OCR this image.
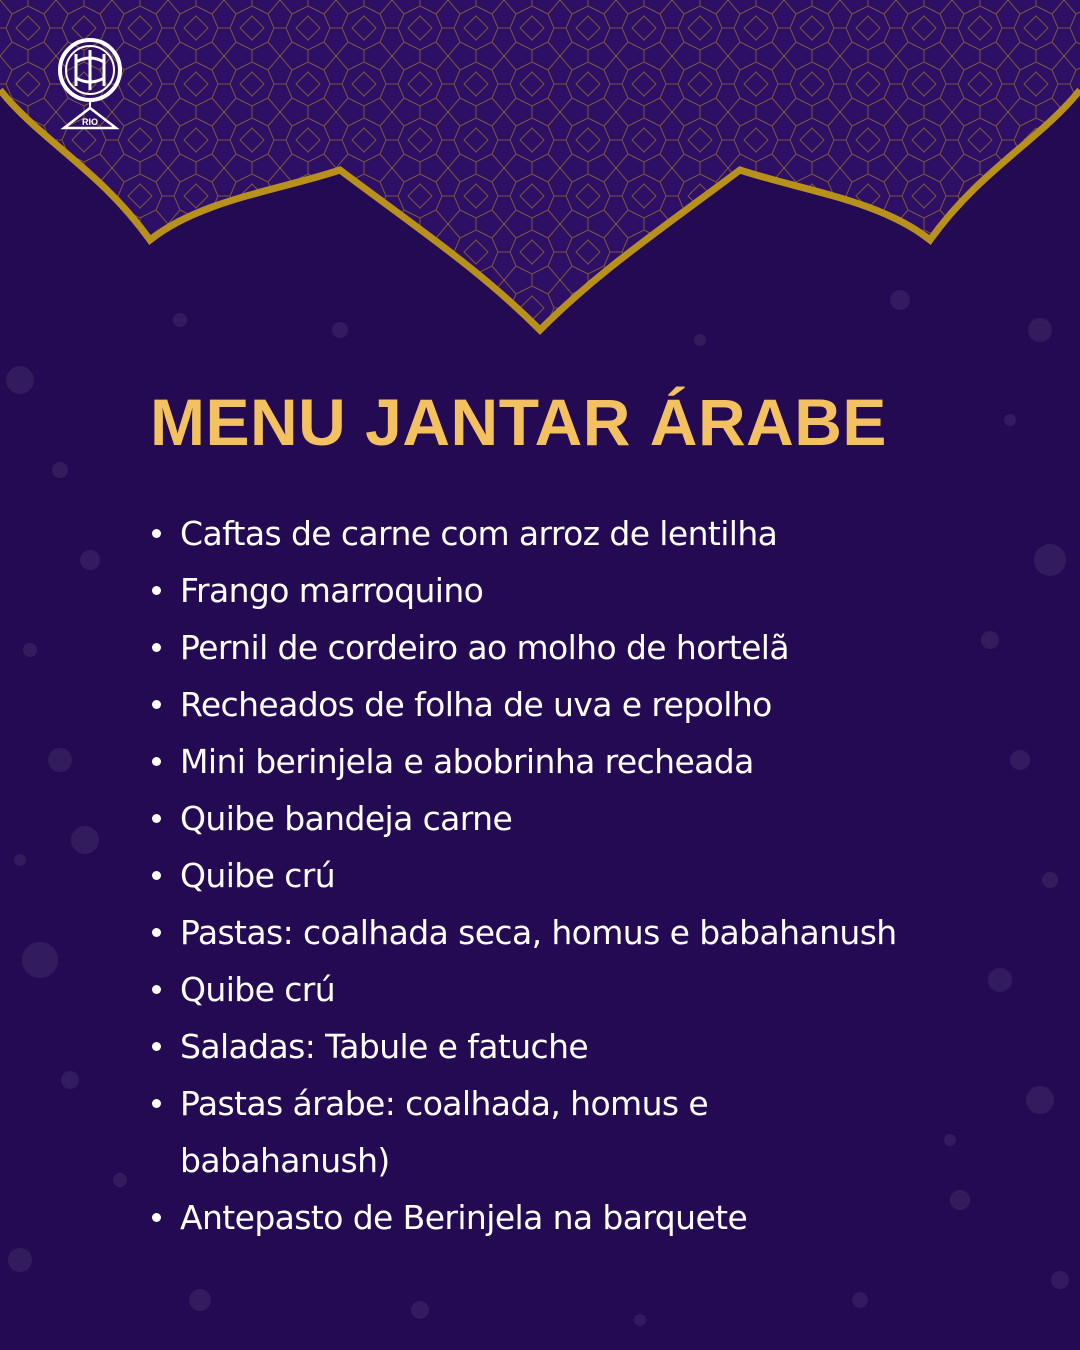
RIO
MENU JANTAR ÁRABE
Caftas de carne com arroz de lentilha
Frango marroquino
Pernil de cordeiro ao molho de hortelã
Recheados de folha de uva e repolho
Mini berinjela e abobrinha recheada
Quibe bandeja carne
Quibe crú
Pastas: coalhada seca, homus e babahanush
Quibe crú
Saladas: Tabule e fatuche
Pastas árabe: coalhada, homus e babahanush)
Antepasto de Berinjela na barquete
